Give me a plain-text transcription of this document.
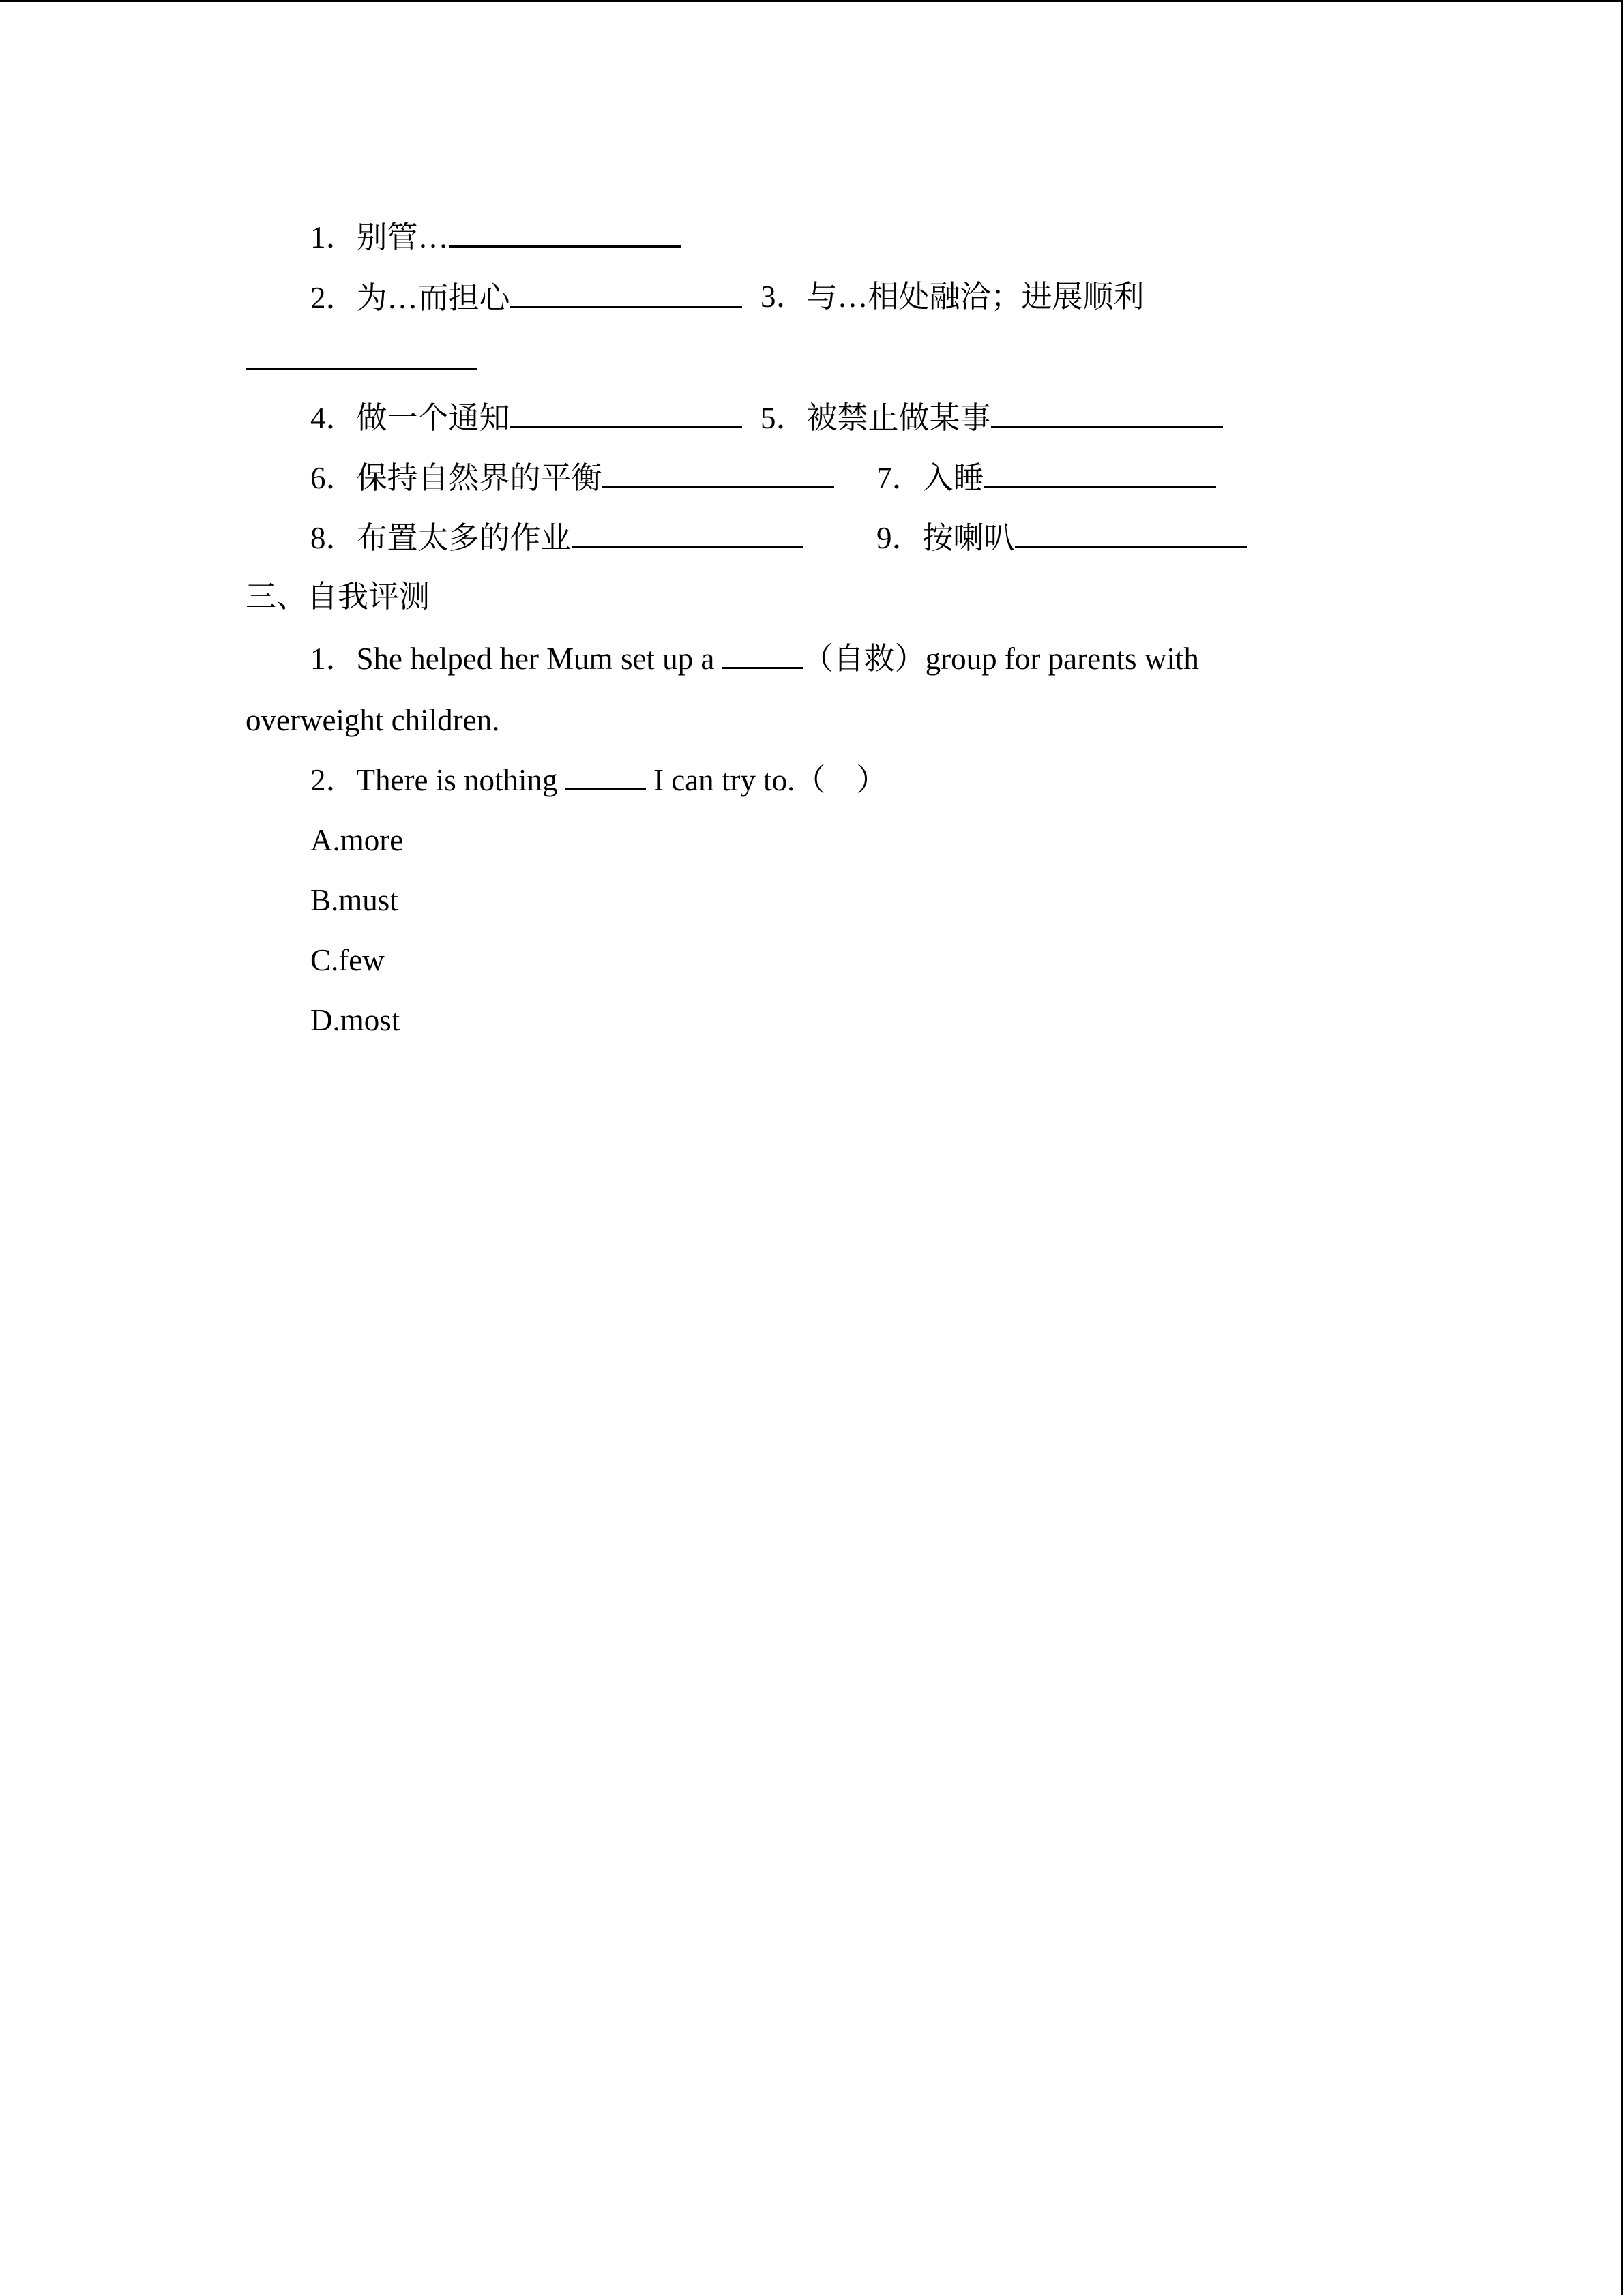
1．别管…
2．为…而担心	3．与…相处融洽；进展顺利
4．做一个通知	5．被禁止做某事
6．保持自然界的平衡	7．入睡
8．布置太多的作业	9．按喇叭
三、自我评测
1．She helped her Mum set up a	（自救）group for parents with
overweight children.
2．There is nothing	I can try to.（　）
A.more
B.must
C.few
D.most
